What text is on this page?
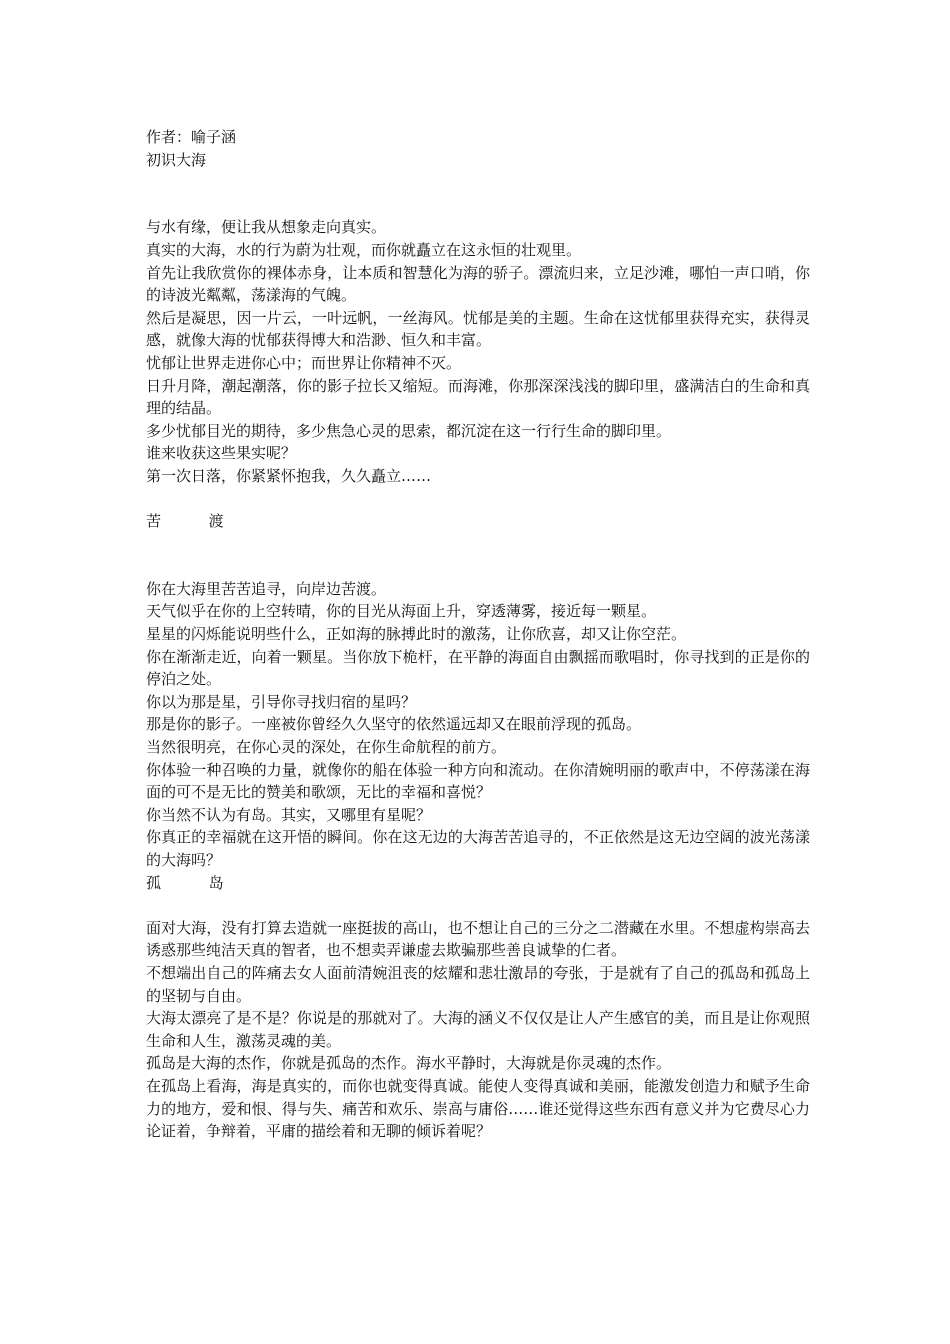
作者：喻子涵

初识大海

与水有缘，便让我从想象走向真实。

真实的大海，水的行为蔚为壮观，而你就矗立在这永恒的壮观里。

首先让我欣赏你的裸体赤身，让本质和智慧化为海的骄子。漂流归来，立足沙滩，哪怕一声口哨，你的诗波光粼粼，荡漾海的气魄。

然后是凝思，因一片云，一叶远帆，一丝海风。忧郁是美的主题。生命在这忧郁里获得充实，获得灵感，就像大海的忧郁获得博大和浩渺、恒久和丰富。

忧郁让世界走进你心中；而世界让你精神不灭。

日升月降，潮起潮落，你的影子拉长又缩短。而海滩，你那深深浅浅的脚印里，盛满洁白的生命和真理的结晶。

多少忧郁目光的期待，多少焦急心灵的思索，都沉淀在这一行行生命的脚印里。

谁来收获这些果实呢？

第一次日落，你紧紧怀抱我，久久矗立……

苦          渡

你在大海里苦苦追寻，向岸边苦渡。

天气似乎在你的上空转晴，你的目光从海面上升，穿透薄雾，接近每一颗星。

星星的闪烁能说明些什么，正如海的脉搏此时的激荡，让你欣喜，却又让你空茫。

你在渐渐走近，向着一颗星。当你放下桅杆，在平静的海面自由飘摇而歌唱时，你寻找到的正是你的停泊之处。

你以为那是星，引导你寻找归宿的星吗？

那是你的影子。一座被你曾经久久坚守的依然遥远却又在眼前浮现的孤岛。

当然很明亮，在你心灵的深处，在你生命航程的前方。

你体验一种召唤的力量，就像你的船在体验一种方向和流动。在你清婉明丽的歌声中，不停荡漾在海面的可不是无比的赞美和歌颂，无比的幸福和喜悦？

你当然不认为有岛。其实，又哪里有星呢？

你真正的幸福就在这开悟的瞬间。你在这无边的大海苦苦追寻的，不正依然是这无边空阔的波光荡漾的大海吗？

孤          岛

面对大海，没有打算去造就一座挺拔的高山，也不想让自己的三分之二潜藏在水里。不想虚构崇高去诱惑那些纯洁天真的智者，也不想卖弄谦虚去欺骗那些善良诚挚的仁者。

不想端出自己的阵痛去女人面前清婉沮丧的炫耀和悲壮激昂的夸张，于是就有了自己的孤岛和孤岛上的坚韧与自由。

大海太漂亮了是不是？你说是的那就对了。大海的涵义不仅仅是让人产生感官的美，而且是让你观照生命和人生，激荡灵魂的美。

孤岛是大海的杰作，你就是孤岛的杰作。海水平静时，大海就是你灵魂的杰作。

在孤岛上看海，海是真实的，而你也就变得真诚。能使人变得真诚和美丽，能激发创造力和赋予生命力的地方，爱和恨、得与失、痛苦和欢乐、崇高与庸俗……谁还觉得这些东西有意义并为它费尽心力论证着，争辩着，平庸的描绘着和无聊的倾诉着呢？
